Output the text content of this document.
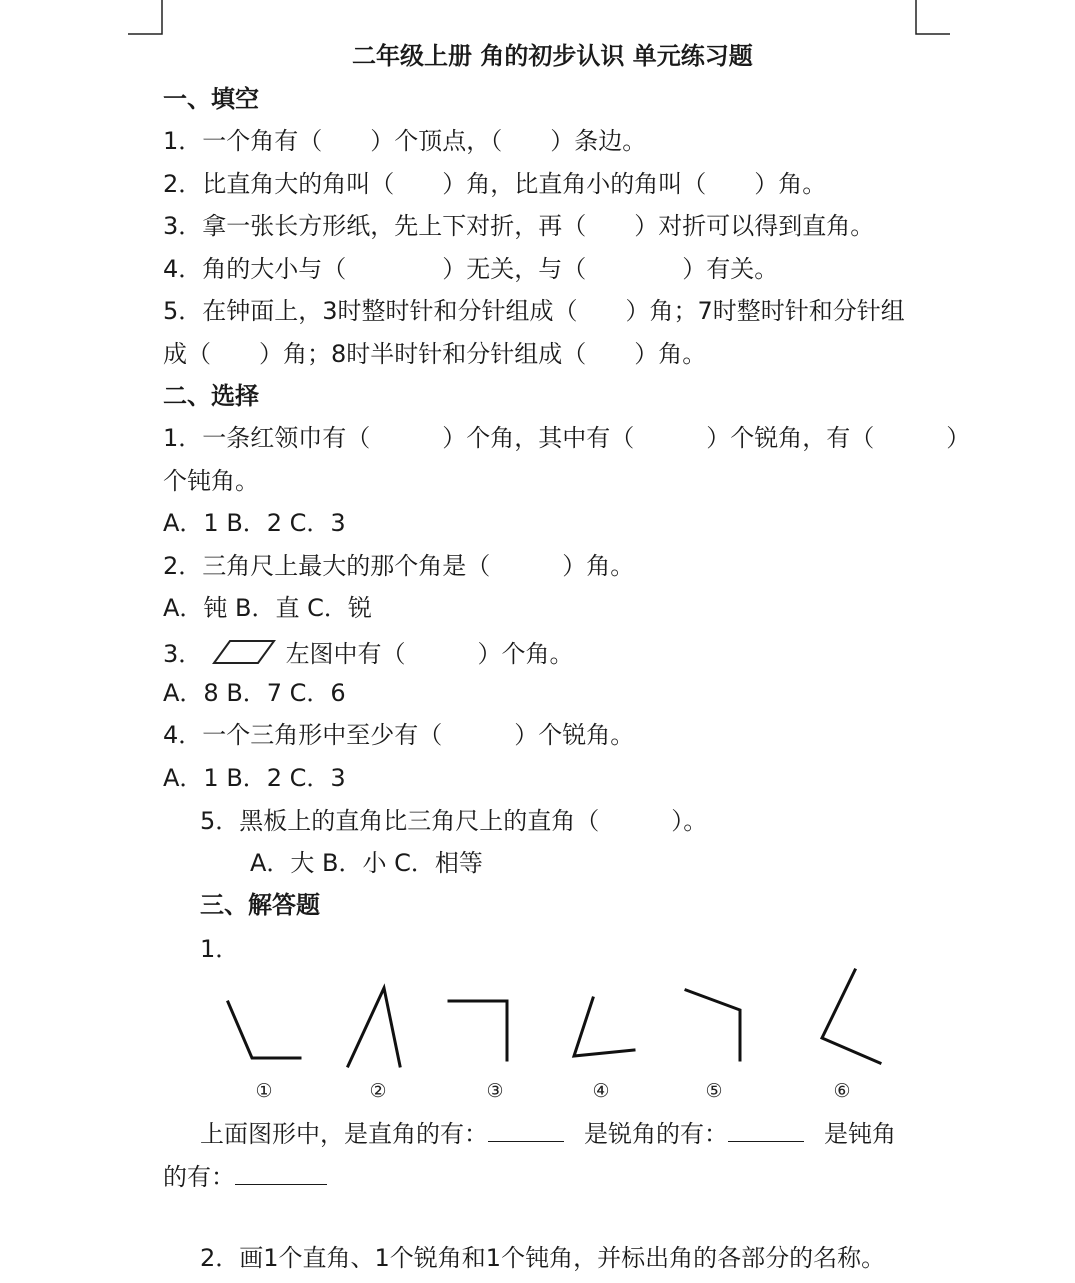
二年级上册 角的初步认识 单元练习题
一、填空
1．一个角有（　　）个顶点，（　　）条边。
2．比直角大的角叫（　　）角，比直角小的角叫（　　）角。
3．拿一张长方形纸，先上下对折，再（　　）对折可以得到直角。
4．角的大小与（　　　　）无关，与（　　　　）有关。
5．在钟面上，3时整时针和分针组成（　　）角；7时整时针和分针组
成（　　）角；8时半时针和分针组成（　　）角。
二、选择
1．一条红领巾有（　　　）个角，其中有（　　　）个锐角，有（　　　）
个钝角。
A．1 B．2 C．3
2．三角尺上最大的那个角是（　　　）角。
A．钝 B．直 C．锐
3．	左图中有（　　　）个角。
A．8 B．7 C．6
4．一个三角形中至少有（　　　）个锐角。
A．1 B．2 C．3
5．黑板上的直角比三角尺上的直角（　　　）。
A．大 B．小 C．相等
三、解答题
1．
①	②	③	④	⑤	⑥
上面图形中，是直角的有：	是锐角的有：	是钝角
的有：
2．画1个直角、1个锐角和1个钝角，并标出角的各部分的名称。
